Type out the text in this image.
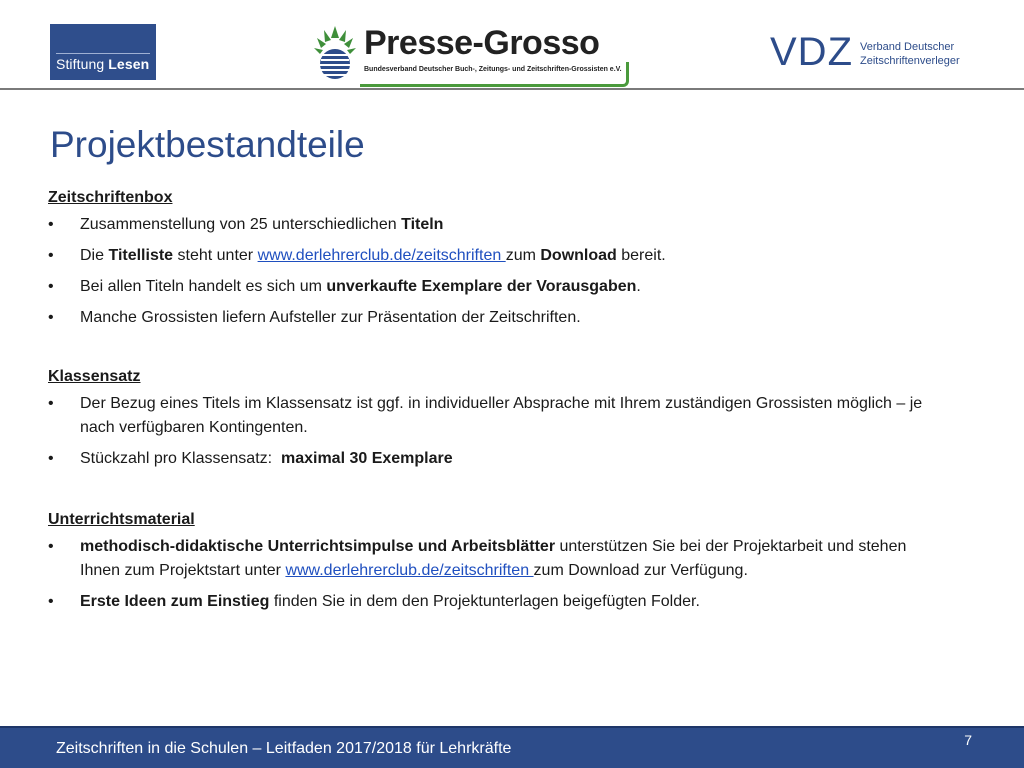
Stiftung Lesen
Presse-Grosso
Bundesverband Deutscher Buch-, Zeitungs- und Zeitschriften-Grossisten e.V.	VDZ Verband Deutscher
Zeitschriftenverleger
Projektbestandteile

Zeitschriftenbox

• Zusammenstellung von 25 unterschiedlichen Titeln
• Die Titelliste steht unter www.derlehrerclub.de/zeitschriften zum Download bereit.
• Bei allen Titeln handelt es sich um unverkaufte Exemplare der Vorausgaben.
• Manche Grossisten liefern Aufsteller zur Präsentation der Zeitschriften.

Klassensatz

• Der Bezug eines Titels im Klassensatz ist ggf. in individueller Absprache mit Ihrem zuständigen Grossisten möglich – je nach verfügbaren Kontingenten.
• Stückzahl pro Klassensatz:  maximal 30 Exemplare

Unterrichtsmaterial

• methodisch-didaktische Unterrichtsimpulse und Arbeitsblätter unterstützen Sie bei der Projektarbeit und stehen Ihnen zum Projektstart unter www.derlehrerclub.de/zeitschriften zum Download zur Verfügung.
• Erste Ideen zum Einstieg finden Sie in dem den Projektunterlagen beigefügten Folder.
Zeitschriften in die Schulen – Leitfaden 2017/2018 für Lehrkräfte	7
